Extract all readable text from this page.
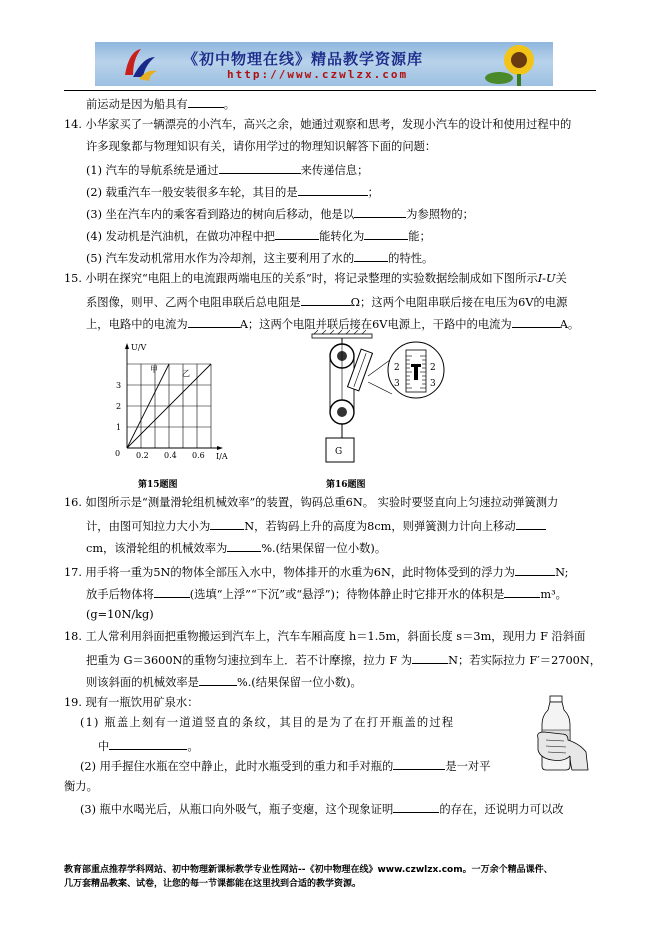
《初中物理在线》精品教学资源库
http://www.czwlzx.com
前运动是因为船具有	。
14. 小华家买了一辆漂亮的小汽车，高兴之余，她通过观察和思考，发现小汽车的设计和使用过程中的
许多现象都与物理知识有关，请你用学过的物理知识解答下面的问题：
(1) 汽车的导航系统是通过	来传递信息；
(2) 载重汽车一般安装很多车轮，其目的是	；
(3) 坐在汽车内的乘客看到路边的树向后移动，他是以	为参照物的；
(4) 发动机是汽油机，在做功冲程中把	能转化为	能；
(5) 汽车发动机常用水作为冷却剂，这主要利用了水的	的特性。
15. 小明在探究“电阻上的电流跟两端电压的关系”时，将记录整理的实验数据绘制成如下图所示I-U关
系图像，则甲、乙两个电阻串联后总电阻是	Ω；这两个电阻串联后接在电压为6V的电源
上，电路中的电流为	A；这两个电阻并联后接在6V电源上，干路中的电流为	A。
U/V
I/A
1
2
3
0 0.2 0.4 0.6
甲	乙
第15题图
G
2
3
2
3
第16题图
16. 如图所示是“测量滑轮组机械效率”的装置，钩码总重6N。 实验时要竖直向上匀速拉动弹簧测力
计，由图可知拉力大小为	N，若钩码上升的高度为8cm，则弹簧测力计向上移动
cm，该滑轮组的机械效率为	%.(结果保留一位小数)。
17. 用手将一重为5N的物体全部压入水中，物体排开的水重为6N，此时物体受到的浮力为	N;
放手后物体将	(选填“上浮”“下沉”或“悬浮”)；待物体静止时它排开水的体积是	m³。
(g=10N/kg)
18. 工人常利用斜面把重物搬运到汽车上，汽车车厢高度 h＝1.5m，斜面长度 s＝3m，现用力 F 沿斜面
把重为 G＝3600N的重物匀速拉到车上．若不计摩擦，拉力 F 为	N；若实际拉力 F′＝2700N，
则该斜面的机械效率是	%.(结果保留一位小数)。
19. 现有一瓶饮用矿泉水：
(1) 瓶盖上刻有一道道竖直的条纹，其目的是为了在打开瓶盖的过程
中	。
(2) 用手握住水瓶在空中静止，此时水瓶受到的重力和手对瓶的	是一对平
衡力。
(3) 瓶中水喝光后，从瓶口向外吸气，瓶子变瘪，这个现象证明	的存在，还说明力可以改
教育部重点推荐学科网站、初中物理新课标教学专业性网站--《初中物理在线》www.czwlzx.com。一万余个精品课件、
几万套精品教案、试卷，让您的每一节课都能在这里找到合适的教学资源。
